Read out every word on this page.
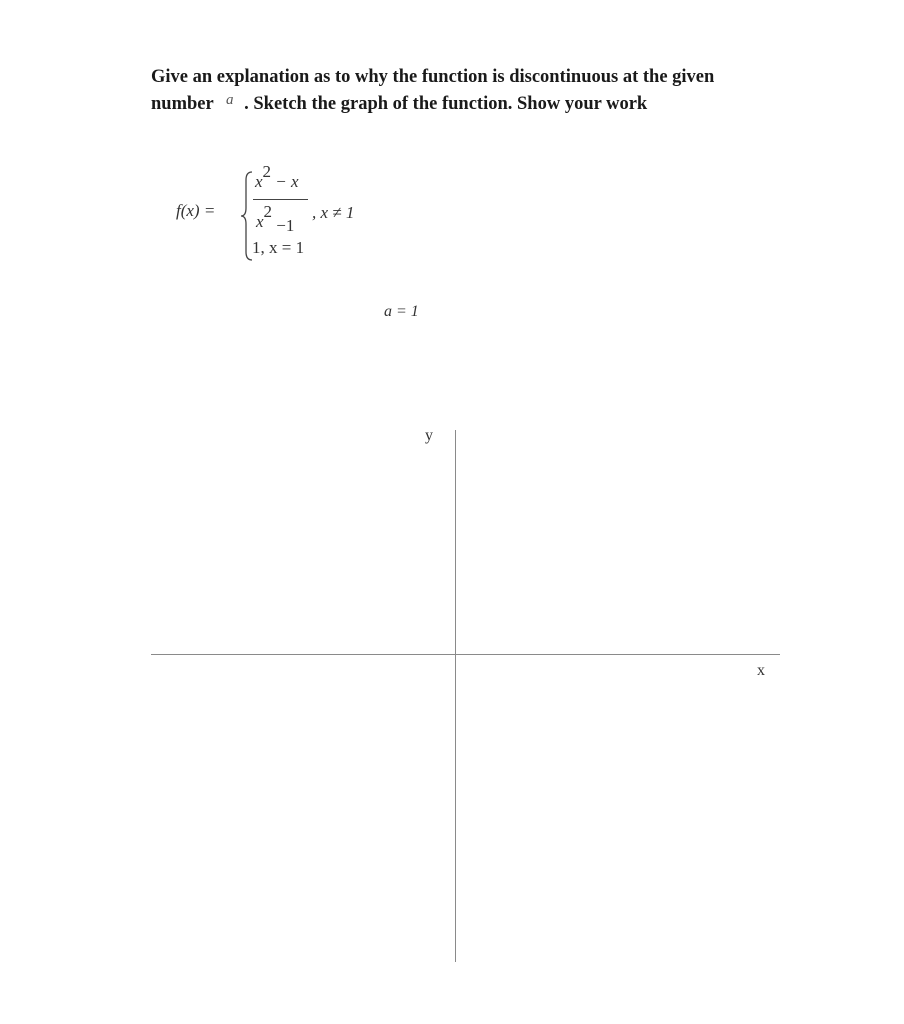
Give an explanation as to why the function is discontinuous at the given
number $^a$ . Sketch the graph of the function. Show your work
f(x) =
$x^2 - x$
$x^2 -1$
, x ≠ 1
1, x = 1
a = 1
y
x
